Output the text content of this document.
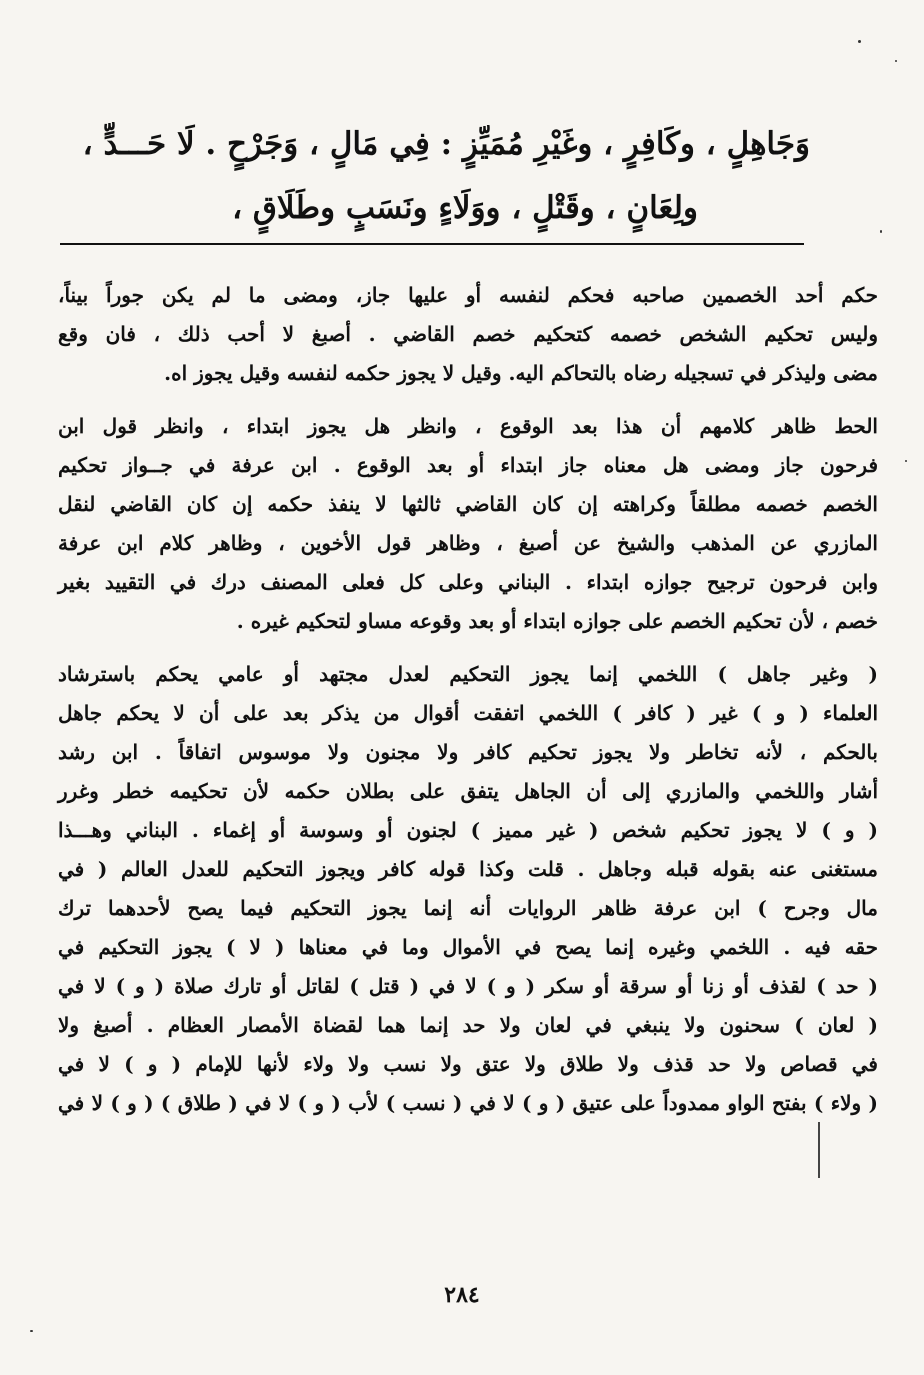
وَجَاهِلٍ ، وكَافِرٍ ، وغَيْرِ مُمَيِّزٍ : فِي مَالٍ ، وَجَرْحٍ . لَا حَـــدٍّ ،
ولِعَانٍ ، وقَتْلٍ ، ووَلَاءٍ ونَسَبٍ وطَلَاقٍ ،
حكم أحد الخصمين صاحبه فحكم لنفسه أو عليها جاز، ومضى ما لم يكن جوراً بيناً،
وليس تحكيم الشخص خصمه كتحكيم خصم القاضي . أصبغ لا أحب ذلك ، فان وقع
مضى وليذكر في تسجيله رضاه بالتحاكم اليه. وقيل لا يجوز حكمه لنفسه وقيل يجوز اه.
الحط ظاهر كلامهم أن هذا بعد الوقوع ، وانظر هل يجوز ابتداء ، وانظر قول ابن
فرحون جاز ومضى هل معناه جاز ابتداء أو بعد الوقوع . ابن عرفة في جــواز تحكيم
الخصم خصمه مطلقاً وكراهته إن كان القاضي ثالثها لا ينفذ حكمه إن كان القاضي لنقل
المازري عن المذهب والشيخ عن أصبغ ، وظاهر قول الأخوين ، وظاهر كلام ابن عرفة
وابن فرحون ترجيح جوازه ابتداء . البناني وعلى كل فعلى المصنف درك في التقييد بغير
خصم ، لأن تحكيم الخصم على جوازه ابتداء أو بعد وقوعه مساو لتحكيم غيره .
( وغير جاهل ) اللخمي إنما يجوز التحكيم لعدل مجتهد أو عامي يحكم باسترشاد
العلماء ( و ) غير ( كافر ) اللخمي اتفقت أقوال من يذكر بعد على أن لا يحكم جاهل
بالحكم ، لأنه تخاطر ولا يجوز تحكيم كافر ولا مجنون ولا موسوس اتفاقاً . ابن رشد
أشار واللخمي والمازري إلى أن الجاهل يتفق على بطلان حكمه لأن تحكيمه خطر وغرر
( و ) لا يجوز تحكيم شخص ( غير مميز ) لجنون أو وسوسة أو إغماء . البناني وهـــذا
مستغنى عنه بقوله قبله وجاهل . قلت وكذا قوله كافر ويجوز التحكيم للعدل العالم ( في
مال وجرح ) ابن عرفة ظاهر الروايات أنه إنما يجوز التحكيم فيما يصح لأحدهما ترك
حقه فيه . اللخمي وغيره إنما يصح في الأموال وما في معناها ( لا ) يجوز التحكيم في
( حد ) لقذف أو زنا أو سرقة أو سكر ( و ) لا في ( قتل ) لقاتل أو تارك صلاة ( و ) لا في
( لعان ) سحنون ولا ينبغي في لعان ولا حد إنما هما لقضاة الأمصار العظام . أصبغ ولا
في قصاص ولا حد قذف ولا طلاق ولا عتق ولا نسب ولا ولاء لأنها للإمام ( و ) لا في
( ولاء ) بفتح الواو ممدوداً على عتيق ( و ) لا في ( نسب ) لأب ( و ) لا في ( طلاق ) ( و ) لا في
٢٨٤
